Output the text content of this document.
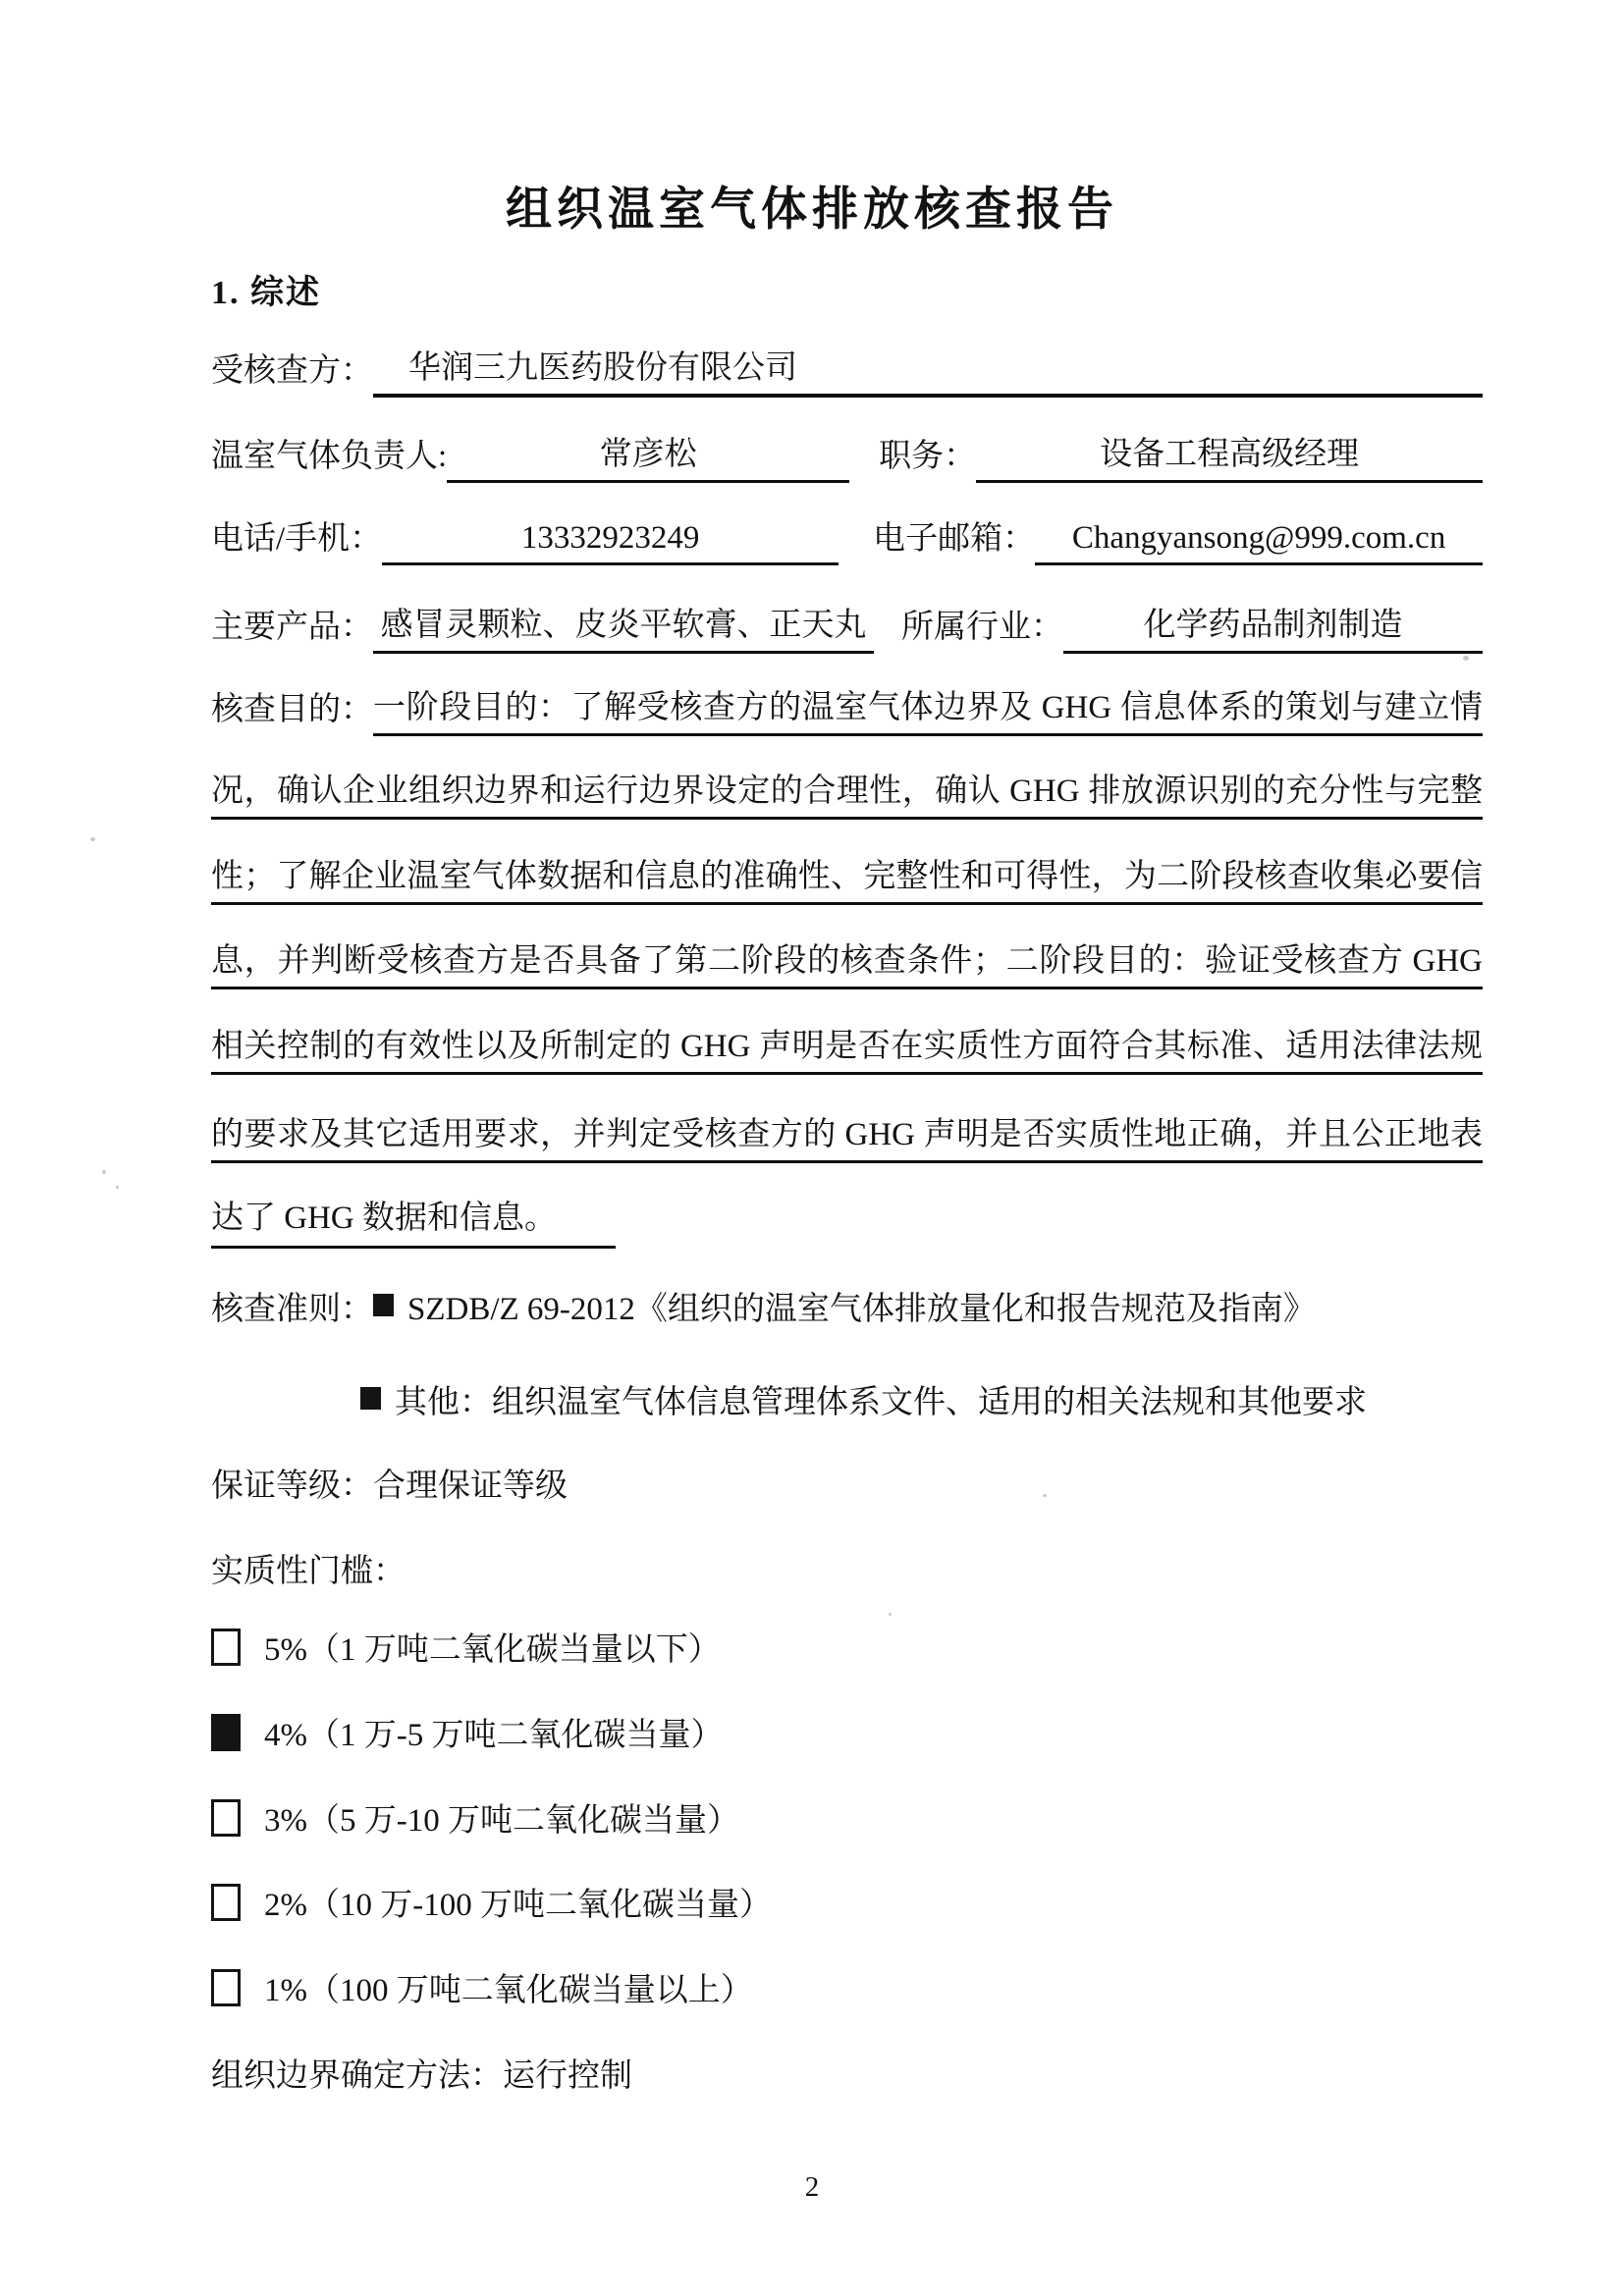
组织温室气体排放核查报告
1. 综述
受核查方：	华润三九医药股份有限公司
温室气体负责人:	常彦松	职务：	设备工程高级经理
电话/手机：	13332923249	电子邮箱：	Changyansong@999.com.cn
主要产品： 感冒灵颗粒、皮炎平软膏、正天丸 所属行业：	化学药品制剂制造
核查目的： 一阶段目的：了解受核查方的温室气体边界及 GHG 信息体系的策划与建立情
况，确认企业组织边界和运行边界设定的合理性，确认 GHG 排放源识别的充分性与完整
性；了解企业温室气体数据和信息的准确性、完整性和可得性，为二阶段核查收集必要信
息，并判断受核查方是否具备了第二阶段的核查条件；二阶段目的：验证受核查方 GHG
相关控制的有效性以及所制定的 GHG 声明是否在实质性方面符合其标准、适用法律法规
的要求及其它适用要求，并判定受核查方的 GHG 声明是否实质性地正确，并且公正地表
达了 GHG 数据和信息。
核查准则： SZDB/Z 69-2012《组织的温室气体排放量化和报告规范及指南》
其他：组织温室气体信息管理体系文件、适用的相关法规和其他要求
保证等级：合理保证等级
实质性门槛：
5%（1 万吨二氧化碳当量以下）
4%（1 万-5 万吨二氧化碳当量）
3%（5 万-10 万吨二氧化碳当量）
2%（10 万-100 万吨二氧化碳当量）
1%（100 万吨二氧化碳当量以上）
组织边界确定方法：运行控制
2
